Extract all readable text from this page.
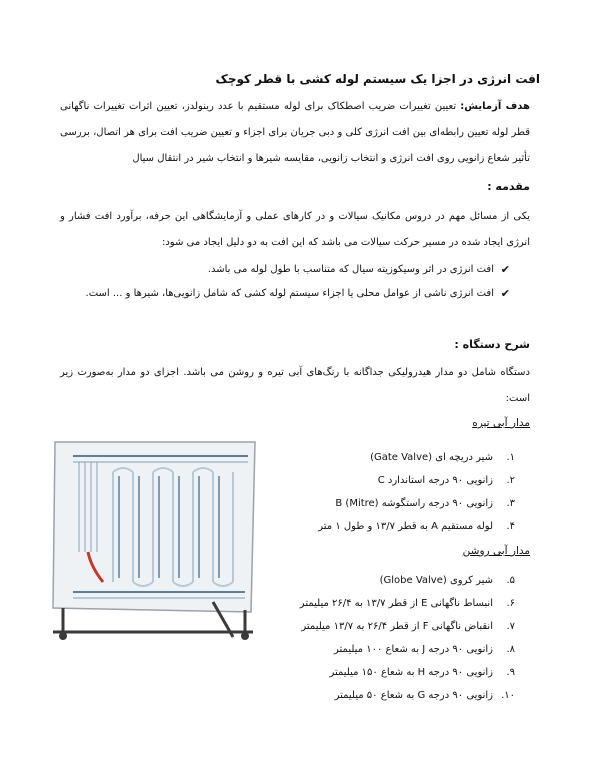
افت انرژی در اجزا یک سیستم لوله کشی با قطر کوچک
هدف آزمایش: تعیین تغییرات ضریب اصطکاک برای لوله مستقیم با عدد رینولدز، تعیین اثرات تغییرات ناگهانی قطر لوله تعیین رابطه‌ای بین افت انرژی کلی و دبی جریان برای اجزاء و تعیین ضریب افت برای هر اتصال، بررسی تأثیر شعاع زانویی روی افت انرژی و انتخاب زانویی، مقایسه شیرها و انتخاب شیر در انتقال سیال
مقدمه :
یکی از مسائل مهم در دروس مکانیک سیالات و در کارهای عملی و آزمایشگاهی این حرفه، برآورد افت فشار و انرژی ایجاد شده در مسیر حرکت سیالات می باشد که این افت به دو دلیل ایجاد می شود:
✔
افت انرژی در اثر وسیکوزیته سیال که متناسب با طول لوله می باشد.
✔
افت انرژی ناشی از عوامل محلی یا اجزاء سیستم لوله کشی که شامل زانویی‌ها، شیرها و ... است.
شرح دستگاه :
دستگاه شامل دو مدار هیدرولیکی جداگانه با رنگ‌های آبی تیره و روشن می باشد. اجزای دو مدار به‌صورت زیر است:
مدار آبی تیره
۱.
شیر دریچه ای (Gate Valve)
۲.
زانویی ۹۰ درجه استاندارد C
۳.
زانویی ۹۰ درجه راستگوشه B (Mitre)
۴.
لوله مستقیم A به قطر ۱۳/۷ و طول ۱ متر
مدار آبی روشن
۵.
شیر کروی (Globe Valve)
۶.
انبساط ناگهانی E از قطر ۱۳/۷ به ۲۶/۴ میلیمتر
۷.
انقباض ناگهانی F از قطر ۲۶/۴ به ۱۳/۷ میلیمتر
۸.
زانویی ۹۰ درجه J به شعاع ۱۰۰ میلیمتر
۹.
زانویی ۹۰ درجه H به شعاع ۱۵۰ میلیمتر
۱۰.
زانویی ۹۰ درجه G به شعاع ۵۰ میلیمتر
